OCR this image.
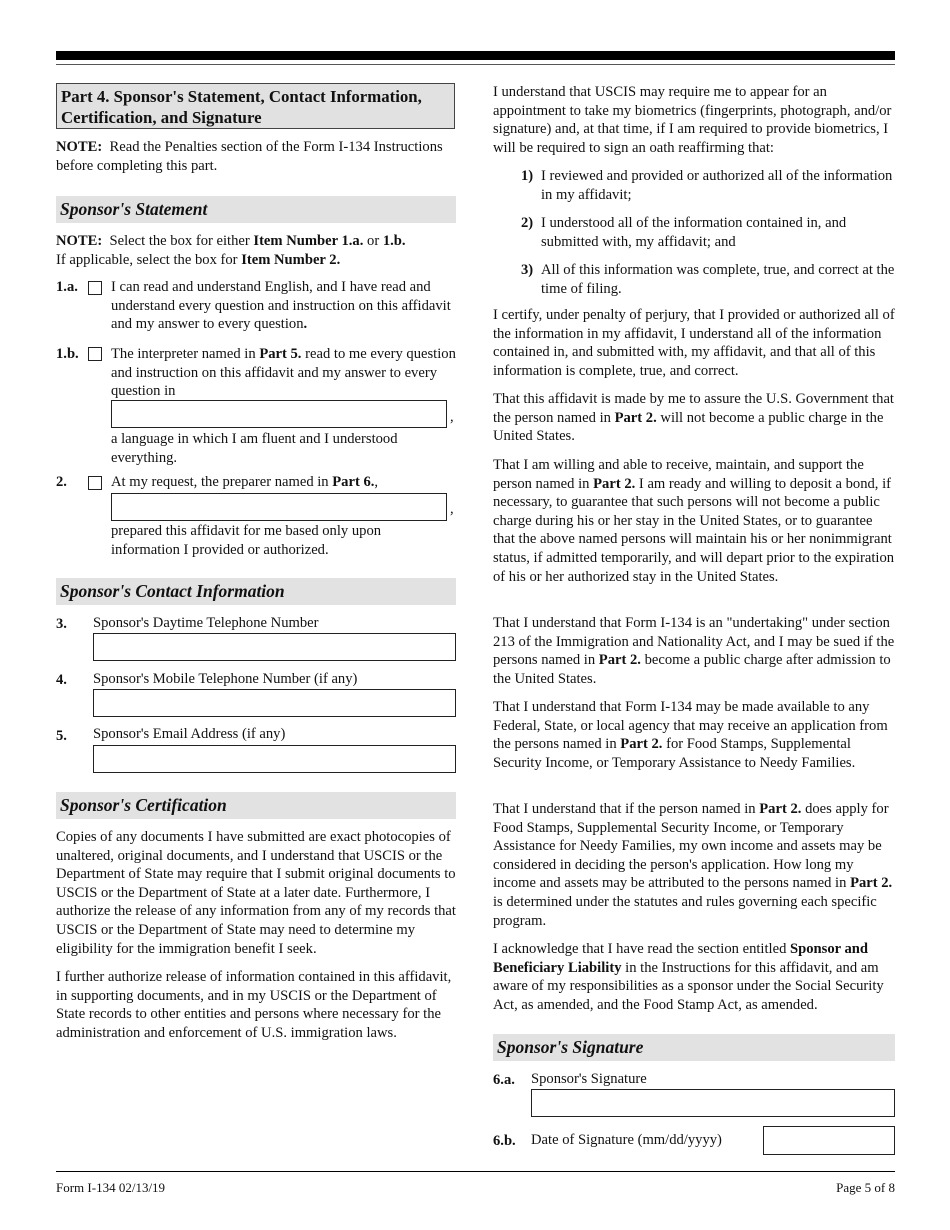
Part 4. Sponsor's Statement, Contact Information, Certification, and Signature

NOTE: Read the Penalties section of the Form I-134 Instructions before completing this part.

Sponsor's Statement

NOTE: Select the box for either Item Number 1.a. or 1.b.
If applicable, select the box for Item Number 2.

1.a. I can read and understand English, and I have read and understand every question and instruction on this affidavit and my answer to every question.
1.b. The interpreter named in Part 5. read to me every question and instruction on this affidavit and my answer to every question in
,
a language in which I am fluent and I understood everything.
2.	At my request, the preparer named in Part 6.,
,
prepared this affidavit for me based only upon information I provided or authorized.
Sponsor's Contact Information
3. Sponsor's Daytime Telephone Number
4. Sponsor's Mobile Telephone Number (if any)
5. Sponsor's Email Address (if any)
Sponsor's Certification
Copies of any documents I have submitted are exact photocopies of unaltered, original documents, and I understand that USCIS or the Department of State may require that I submit original documents to USCIS or the Department of State at a later date. Furthermore, I authorize the release of any information from any of my records that USCIS or the Department of State may need to determine my eligibility for the immigration benefit I seek.
I further authorize release of information contained in this affidavit, in supporting documents, and in my USCIS or the Department of State records to other entities and persons where necessary for the administration and enforcement of U.S. immigration laws.
I understand that USCIS may require me to appear for an appointment to take my biometrics (fingerprints, photograph, and/or signature) and, at that time, if I am required to provide biometrics, I will be required to sign an oath reaffirming that:
1) I reviewed and provided or authorized all of the information in my affidavit;
2) I understood all of the information contained in, and submitted with, my affidavit; and
3) All of this information was complete, true, and correct at the time of filing.
I certify, under penalty of perjury, that I provided or authorized all of the information in my affidavit, I understand all of the information contained in, and submitted with, my affidavit, and that all of this information is complete, true, and correct.
That this affidavit is made by me to assure the U.S. Government that the person named in Part 2. will not become a public charge in the United States.
That I am willing and able to receive, maintain, and support the person named in Part 2. I am ready and willing to deposit a bond, if necessary, to guarantee that such persons will not become a public charge during his or her stay in the United States, or to guarantee that the above named persons will maintain his or her nonimmigrant status, if admitted temporarily, and will depart prior to the expiration of his or her authorized stay in the United States.
That I understand that Form I-134 is an "undertaking" under section 213 of the Immigration and Nationality Act, and I may be sued if the persons named in Part 2. become a public charge after admission to the United States.
That I understand that Form I-134 may be made available to any Federal, State, or local agency that may receive an application from the persons named in Part 2. for Food Stamps, Supplemental Security Income, or Temporary Assistance to Needy Families.
That I understand that if the person named in Part 2. does apply for Food Stamps, Supplemental Security Income, or Temporary Assistance for Needy Families, my own income and assets may be considered in deciding the person's application. How long my income and assets may be attributed to the persons named in Part 2. is determined under the statutes and rules governing each specific program.
I acknowledge that I have read the section entitled Sponsor and Beneficiary Liability in the Instructions for this affidavit, and am aware of my responsibilities as a sponsor under the Social Security Act, as amended, and the Food Stamp Act, as amended.
Sponsor's Signature
6.a. Sponsor's Signature
6.b. Date of Signature (mm/dd/yyyy)
Form I-134 02/13/19	Page 5 of 8
